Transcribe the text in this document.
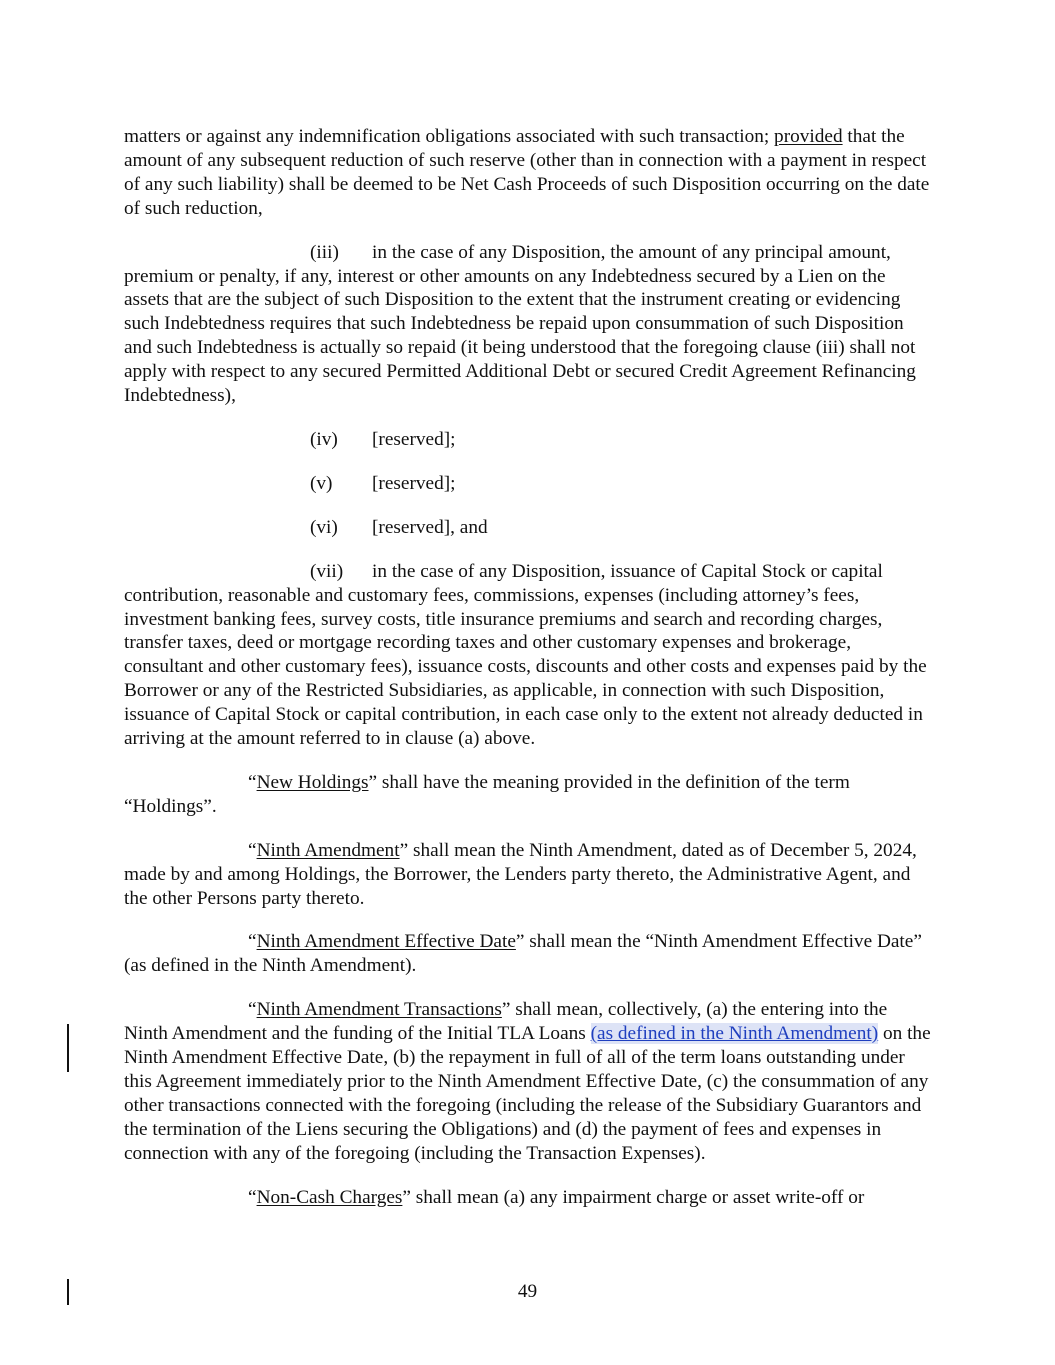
matters or against any indemnification obligations associated with such transaction; provided that the amount of any subsequent reduction of such reserve (other than in connection with a payment in respect of any such liability) shall be deemed to be Net Cash Proceeds of such Disposition occurring on the date of such reduction,

(iii) in the case of any Disposition, the amount of any principal amount, premium or penalty, if any, interest or other amounts on any Indebtedness secured by a Lien on the assets that are the subject of such Disposition to the extent that the instrument creating or evidencing such Indebtedness requires that such Indebtedness be repaid upon consummation of such Disposition and such Indebtedness is actually so repaid (it being understood that the foregoing clause (iii) shall not apply with respect to any secured Permitted Additional Debt or secured Credit Agreement Refinancing Indebtedness),

(iv) [reserved];
(v) [reserved];
(vi) [reserved], and

(vii) in the case of any Disposition, issuance of Capital Stock or capital contribution, reasonable and customary fees, commissions, expenses (including attorney’s fees, investment banking fees, survey costs, title insurance premiums and search and recording charges, transfer taxes, deed or mortgage recording taxes and other customary expenses and brokerage, consultant and other customary fees), issuance costs, discounts and other costs and expenses paid by the Borrower or any of the Restricted Subsidiaries, as applicable, in connection with such Disposition, issuance of Capital Stock or capital contribution, in each case only to the extent not already deducted in arriving at the amount referred to in clause (a) above.

“New Holdings” shall have the meaning provided in the definition of the term “Holdings”.

“Ninth Amendment” shall mean the Ninth Amendment, dated as of December 5, 2024, made by and among Holdings, the Borrower, the Lenders party thereto, the Administrative Agent, and the other Persons party thereto.

“Ninth Amendment Effective Date” shall mean the “Ninth Amendment Effective Date” (as defined in the Ninth Amendment).

“Ninth Amendment Transactions” shall mean, collectively, (a) the entering into the Ninth Amendment and the funding of the Initial TLA Loans (as defined in the Ninth Amendment) on the Ninth Amendment Effective Date, (b) the repayment in full of all of the term loans outstanding under this Agreement immediately prior to the Ninth Amendment Effective Date, (c) the consummation of any other transactions connected with the foregoing (including the release of the Subsidiary Guarantors and the termination of the Liens securing the Obligations) and (d) the payment of fees and expenses in connection with any of the foregoing (including the Transaction Expenses).

“Non-Cash Charges” shall mean (a) any impairment charge or asset write-off or

49
